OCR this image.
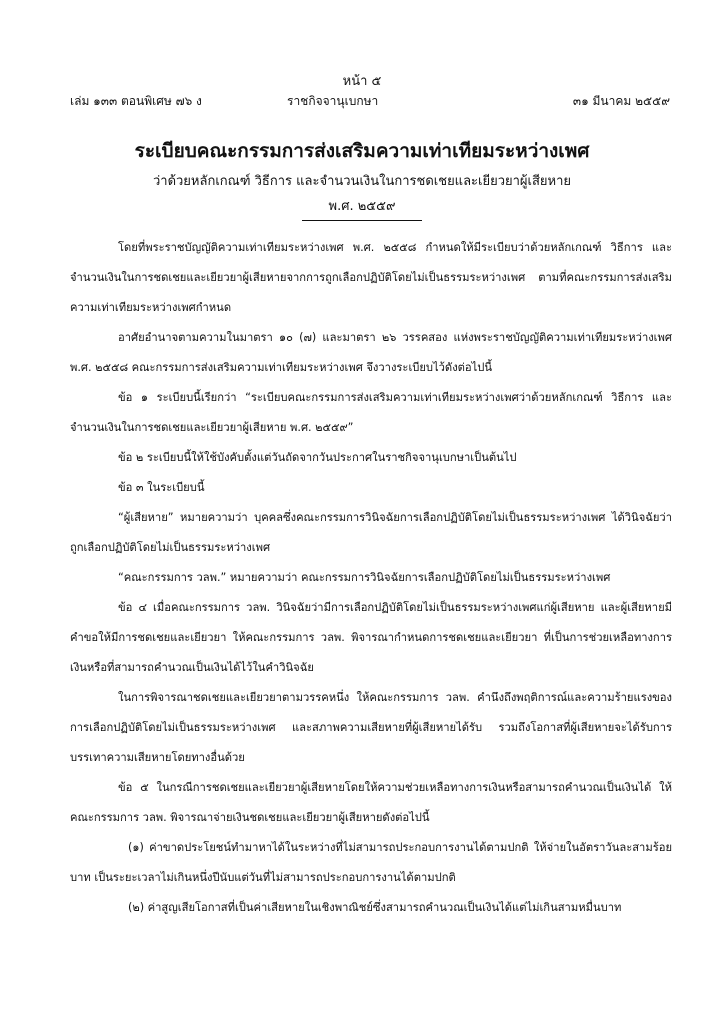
หน้า ๕
เล่ม ๑๓๓ ตอนพิเศษ ๗๖ ง	ราชกิจจานุเบกษา	๓๑ มีนาคม ๒๕๕๙
ระเบียบคณะกรรมการส่งเสริมความเท่าเทียมระหว่างเพศ
ว่าด้วยหลักเกณฑ์ วิธีการ และจำนวนเงินในการชดเชยและเยียวยาผู้เสียหาย
พ.ศ. ๒๕๕๙

โดยที่พระราชบัญญัติความเท่าเทียมระหว่างเพศ พ.ศ. ๒๕๕๘ กำหนดให้มีระเบียบว่าด้วยหลักเกณฑ์ วิธีการ และจำนวนเงินในการชดเชยและเยียวยาผู้เสียหายจากการถูกเลือกปฏิบัติโดยไม่เป็นธรรมระหว่างเพศ ตามที่คณะกรรมการส่งเสริมความเท่าเทียมระหว่างเพศกำหนด

อาศัยอำนาจตามความในมาตรา ๑๐ (๗) และมาตรา ๒๖ วรรคสอง แห่งพระราชบัญญัติความเท่าเทียมระหว่างเพศ พ.ศ. ๒๕๕๘ คณะกรรมการส่งเสริมความเท่าเทียมระหว่างเพศ จึงวางระเบียบไว้ดังต่อไปนี้

ข้อ ๑ ระเบียบนี้เรียกว่า “ระเบียบคณะกรรมการส่งเสริมความเท่าเทียมระหว่างเพศว่าด้วยหลักเกณฑ์ วิธีการ และจำนวนเงินในการชดเชยและเยียวยาผู้เสียหาย พ.ศ. ๒๕๕๙”

ข้อ ๒ ระเบียบนี้ให้ใช้บังคับตั้งแต่วันถัดจากวันประกาศในราชกิจจานุเบกษาเป็นต้นไป

ข้อ ๓ ในระเบียบนี้

“ผู้เสียหาย” หมายความว่า บุคคลซึ่งคณะกรรมการวินิจฉัยการเลือกปฏิบัติโดยไม่เป็นธรรมระหว่างเพศ ได้วินิจฉัยว่าถูกเลือกปฏิบัติโดยไม่เป็นธรรมระหว่างเพศ

“คณะกรรมการ วลพ.” หมายความว่า คณะกรรมการวินิจฉัยการเลือกปฏิบัติโดยไม่เป็นธรรมระหว่างเพศ

ข้อ ๔ เมื่อคณะกรรมการ วลพ. วินิจฉัยว่ามีการเลือกปฏิบัติโดยไม่เป็นธรรมระหว่างเพศแก่ผู้เสียหาย และผู้เสียหายมีคำขอให้มีการชดเชยและเยียวยา ให้คณะกรรมการ วลพ. พิจารณากำหนดการชดเชยและเยียวยา ที่เป็นการช่วยเหลือทางการเงินหรือที่สามารถคำนวณเป็นเงินได้ไว้ในคำวินิจฉัย

ในการพิจารณาชดเชยและเยียวยาตามวรรคหนึ่ง ให้คณะกรรมการ วลพ. คำนึงถึงพฤติการณ์และความร้ายแรงของการเลือกปฏิบัติโดยไม่เป็นธรรมระหว่างเพศ และสภาพความเสียหายที่ผู้เสียหายได้รับ รวมถึงโอกาสที่ผู้เสียหายจะได้รับการบรรเทาความเสียหายโดยทางอื่นด้วย

ข้อ ๕ ในกรณีการชดเชยและเยียวยาผู้เสียหายโดยให้ความช่วยเหลือทางการเงินหรือสามารถคำนวณเป็นเงินได้ ให้คณะกรรมการ วลพ. พิจารณาจ่ายเงินชดเชยและเยียวยาผู้เสียหายดังต่อไปนี้

(๑) ค่าขาดประโยชน์ทำมาหาได้ในระหว่างที่ไม่สามารถประกอบการงานได้ตามปกติ ให้จ่ายในอัตราวันละสามร้อยบาท เป็นระยะเวลาไม่เกินหนึ่งปีนับแต่วันที่ไม่สามารถประกอบการงานได้ตามปกติ

(๒) ค่าสูญเสียโอกาสที่เป็นค่าเสียหายในเชิงพาณิชย์ซึ่งสามารถคำนวณเป็นเงินได้แต่ไม่เกินสามหมื่นบาท
